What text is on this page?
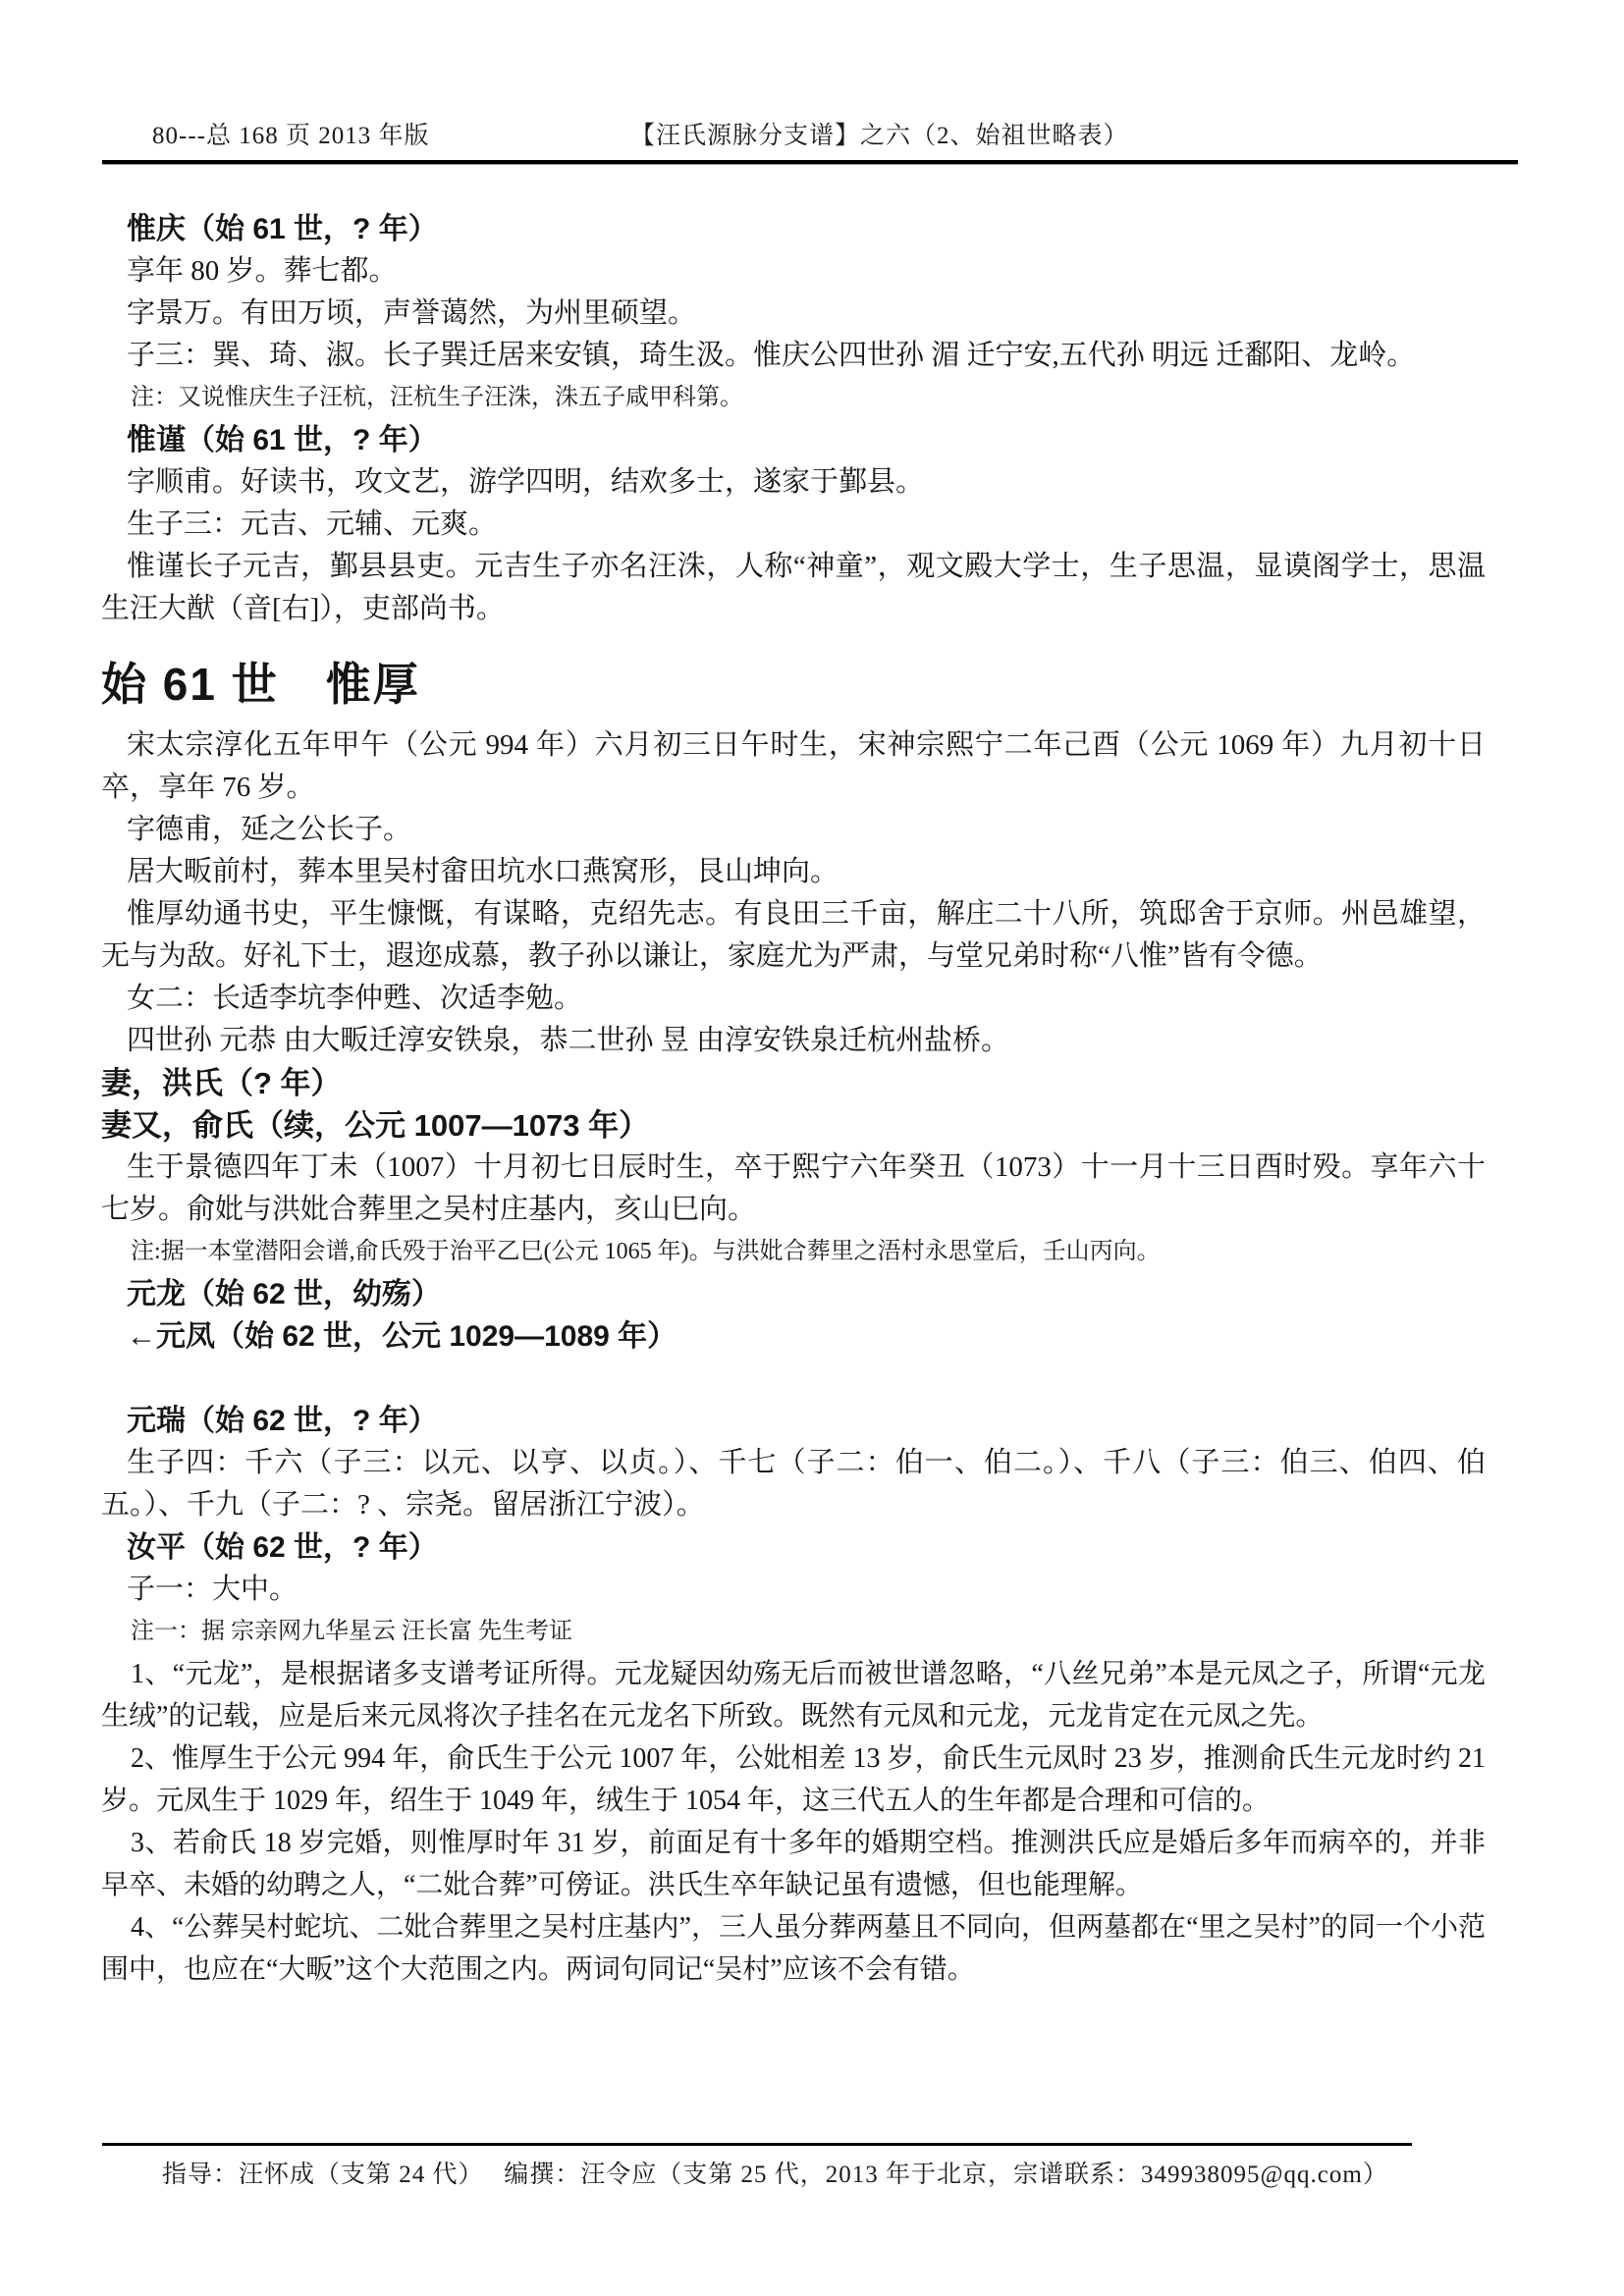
80---总 168 页 2013 年版	【汪氏源脉分支谱】之六（2、始祖世略表）
惟庆（始 61 世，? 年）

享年 80 岁。葬七都。

字景万。有田万顷，声誉蔼然，为州里硕望。

子三：巽、琦、淑。长子巽迁居来安镇，琦生汲。惟庆公四世孙 湄 迁宁安,五代孙 明远 迁鄱阳、龙岭。

注：又说惟庆生子汪杭，汪杭生子汪洙，洙五子咸甲科第。

惟谨（始 61 世，? 年）

字顺甫。好读书，攻文艺，游学四明，结欢多士，遂家于鄞县。

生子三：元吉、元辅、元爽。

惟谨长子元吉，鄞县县吏。元吉生子亦名汪洙，人称“神童”，观文殿大学士，生子思温，显谟阁学士，思温生汪大猷（音[右]），吏部尚书。

始 61 世　惟厚

宋太宗淳化五年甲午（公元 994 年）六月初三日午时生，宋神宗熙宁二年己酉（公元 1069 年）九月初十日卒，享年 76 岁。

字德甫，延之公长子。

居大畈前村，葬本里吴村畲田坑水口燕窝形，艮山坤向。

惟厚幼通书史，平生慷慨，有谋略，克绍先志。有良田三千亩，解庄二十八所，筑邸舍于京师。州邑雄望，无与为敌。好礼下士，遐迩成慕，教子孙以谦让，家庭尤为严肃，与堂兄弟时称“八惟”皆有令德。

女二：长适李坑李仲甦、次适李勉。

四世孙 元恭 由大畈迁淳安铁泉，恭二世孙 昱 由淳安铁泉迁杭州盐桥。

妻，洪氏（? 年）
妻又，俞氏（续，公元 1007—1073 年）

生于景德四年丁未（1007）十月初七日辰时生，卒于熙宁六年癸丑（1073）十一月十三日酉时殁。享年六十七岁。俞妣与洪妣合葬里之吴村庄基内，亥山巳向。

注:据一本堂潜阳会谱,俞氏殁于治平乙巳(公元 1065 年)。与洪妣合葬里之浯村永思堂后，壬山丙向。

元龙（始 62 世，幼殇）
←元凤（始 62 世，公元 1029—1089 年）
元瑞（始 62 世，? 年）

生子四：千六（子三：以元、以亨、以贞。）、千七（子二：伯一、伯二。）、千八（子三：伯三、伯四、伯五。）、千九（子二：? 、宗尧。留居浙江宁波）。

汝平（始 62 世，? 年）

子一：大中。

注一：据 宗亲网九华星云 汪长富 先生考证

1、“元龙”，是根据诸多支谱考证所得。元龙疑因幼殇无后而被世谱忽略，“八丝兄弟”本是元凤之子，所谓“元龙生绒”的记载，应是后来元凤将次子挂名在元龙名下所致。既然有元凤和元龙，元龙肯定在元凤之先。

2、惟厚生于公元 994 年，俞氏生于公元 1007 年，公妣相差 13 岁，俞氏生元凤时 23 岁，推测俞氏生元龙时约 21 岁。元凤生于 1029 年，绍生于 1049 年，绒生于 1054 年，这三代五人的生年都是合理和可信的。

3、若俞氏 18 岁完婚，则惟厚时年 31 岁，前面足有十多年的婚期空档。推测洪氏应是婚后多年而病卒的，并非早卒、未婚的幼聘之人，“二妣合葬”可傍证。洪氏生卒年缺记虽有遗憾，但也能理解。

4、“公葬吴村蛇坑、二妣合葬里之吴村庄基内”，三人虽分葬两墓且不同向，但两墓都在“里之吴村”的同一个小范围中，也应在“大畈”这个大范围之内。两词句同记“吴村”应该不会有错。

指导：汪怀成（支第 24 代）　 编撰：汪令应（支第 25 代，2013 年于北京，宗谱联系：349938095@qq.com）
